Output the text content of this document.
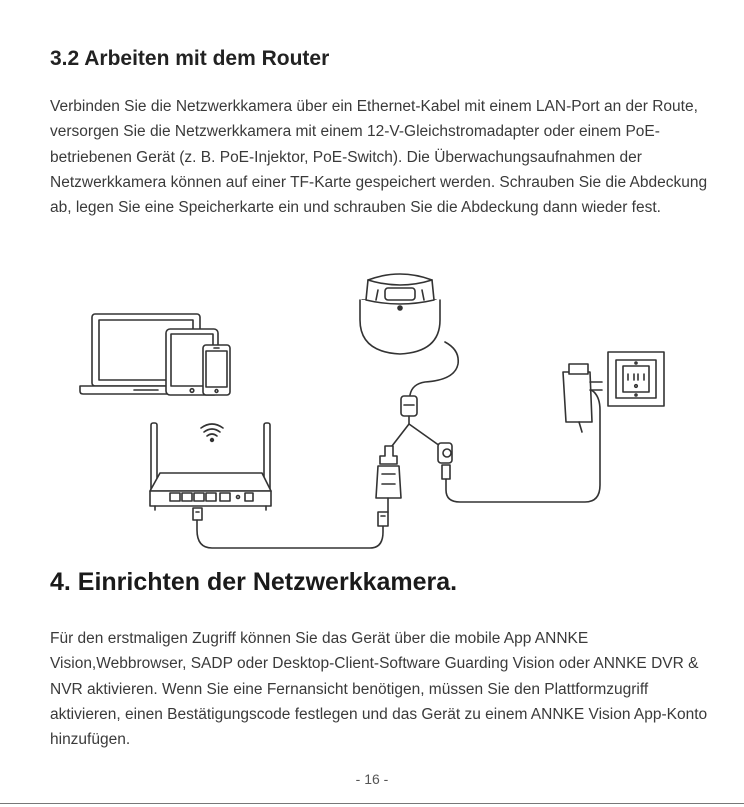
3.2 Arbeiten mit dem Router

Verbinden Sie die Netzwerkkamera über ein Ethernet-Kabel mit einem LAN-Port an der Route, versorgen Sie die Netzwerkkamera mit einem 12-V-Gleichstromadapter oder einem PoE-betriebenen Gerät (z. B. PoE-Injektor, PoE-Switch). Die Überwachungsaufnahmen der Netzwerkkamera können auf einer TF-Karte gespeichert werden. Schrauben Sie die Abdeckung ab, legen Sie eine Speicherkarte ein und schrauben Sie die Abdeckung dann wieder fest.

4. Einrichten der Netzwerkkamera.

Für den erstmaligen Zugriff können Sie das Gerät über die mobile App ANNKE Vision,Webbrowser, SADP oder Desktop-Client-Software Guarding Vision oder ANNKE DVR & NVR aktivieren. Wenn Sie eine Fernansicht benötigen, müssen Sie den Plattformzugriff aktivieren, einen Bestätigungscode festlegen und das Gerät zu einem ANNKE Vision App-Konto hinzufügen.

- 16 -
